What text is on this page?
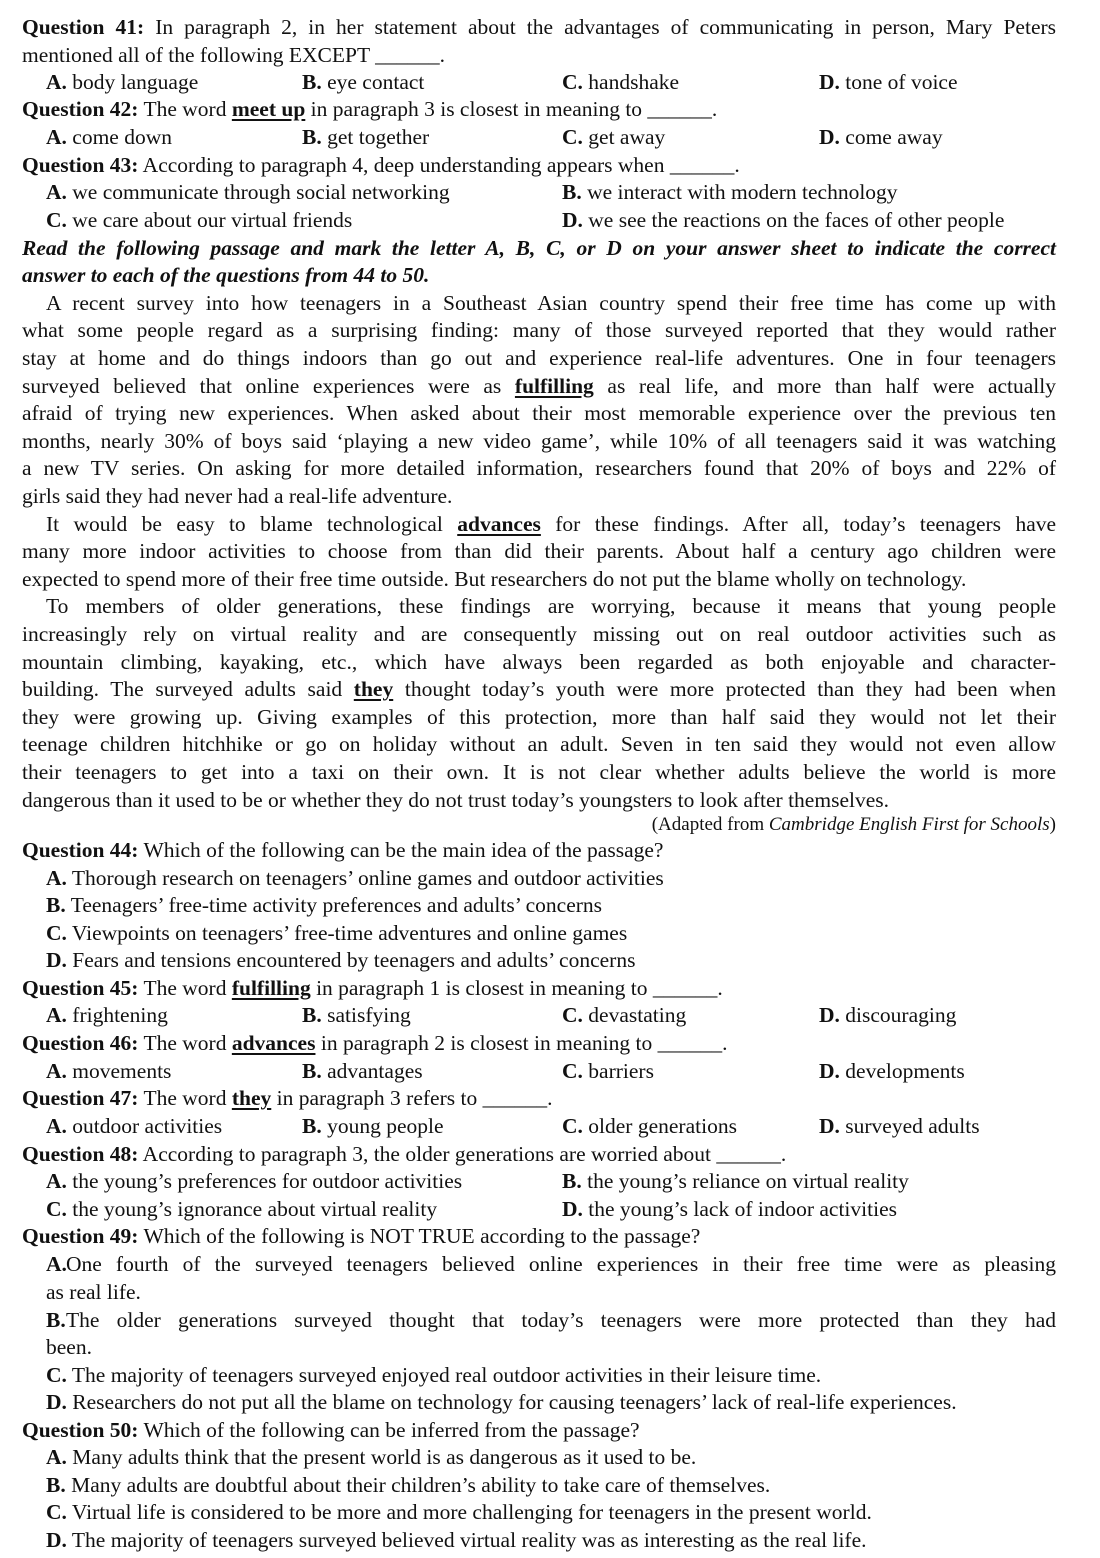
Question 41: In paragraph 2, in her statement about the advantages of communicating in person, Mary Peters
mentioned all of the following EXCEPT ______.
A. body language	B. eye contact	C. handshake	D. tone of voice
Question 42: The word meet up in paragraph 3 is closest in meaning to ______.
A. come down	B. get together	C. get away	D. come away
Question 43: According to paragraph 4, deep understanding appears when ______.
A. we communicate through social networking	B. we interact with modern technology
C. we care about our virtual friends	D. we see the reactions on the faces of other people
Read the following passage and mark the letter A, B, C, or D on your answer sheet to indicate the correct
answer to each of the questions from 44 to 50.
A recent survey into how teenagers in a Southeast Asian country spend their free time has come up with
what some people regard as a surprising finding: many of those surveyed reported that they would rather
stay at home and do things indoors than go out and experience real-life adventures. One in four teenagers
surveyed believed that online experiences were as fulfilling as real life, and more than half were actually
afraid of trying new experiences. When asked about their most memorable experience over the previous ten
months, nearly 30% of boys said ‘playing a new video game’, while 10% of all teenagers said it was watching
a new TV series. On asking for more detailed information, researchers found that 20% of boys and 22% of
girls said they had never had a real-life adventure.
It would be easy to blame technological advances for these findings. After all, today’s teenagers have
many more indoor activities to choose from than did their parents. About half a century ago children were
expected to spend more of their free time outside. But researchers do not put the blame wholly on technology.
To members of older generations, these findings are worrying, because it means that young people
increasingly rely on virtual reality and are consequently missing out on real outdoor activities such as
mountain climbing, kayaking, etc., which have always been regarded as both enjoyable and character-
building. The surveyed adults said they thought today’s youth were more protected than they had been when
they were growing up. Giving examples of this protection, more than half said they would not let their
teenage children hitchhike or go on holiday without an adult. Seven in ten said they would not even allow
their teenagers to get into a taxi on their own. It is not clear whether adults believe the world is more
dangerous than it used to be or whether they do not trust today’s youngsters to look after themselves.
(Adapted from Cambridge English First for Schools)
Question 44: Which of the following can be the main idea of the passage?
A. Thorough research on teenagers’ online games and outdoor activities
B. Teenagers’ free-time activity preferences and adults’ concerns
C. Viewpoints on teenagers’ free-time adventures and online games
D. Fears and tensions encountered by teenagers and adults’ concerns
Question 45: The word fulfilling in paragraph 1 is closest in meaning to ______.
A. frightening	B. satisfying	C. devastating	D. discouraging
Question 46: The word advances in paragraph 2 is closest in meaning to ______.
A. movements	B. advantages	C. barriers	D. developments
Question 47: The word they in paragraph 3 refers to ______.
A. outdoor activities	B. young people	C. older generations	D. surveyed adults
Question 48: According to paragraph 3, the older generations are worried about ______.
A. the young’s preferences for outdoor activities	B. the young’s reliance on virtual reality
C. the young’s ignorance about virtual reality	D. the young’s lack of indoor activities
Question 49: Which of the following is NOT TRUE according to the passage?
A. One fourth of the surveyed teenagers believed online experiences in their free time were as pleasing
as real life.
B. The older generations surveyed thought that today’s teenagers were more protected than they had
been.
C. The majority of teenagers surveyed enjoyed real outdoor activities in their leisure time.
D. Researchers do not put all the blame on technology for causing teenagers’ lack of real-life experiences.
Question 50: Which of the following can be inferred from the passage?
A. Many adults think that the present world is as dangerous as it used to be.
B. Many adults are doubtful about their children’s ability to take care of themselves.
C. Virtual life is considered to be more and more challenging for teenagers in the present world.
D. The majority of teenagers surveyed believed virtual reality was as interesting as the real life.
